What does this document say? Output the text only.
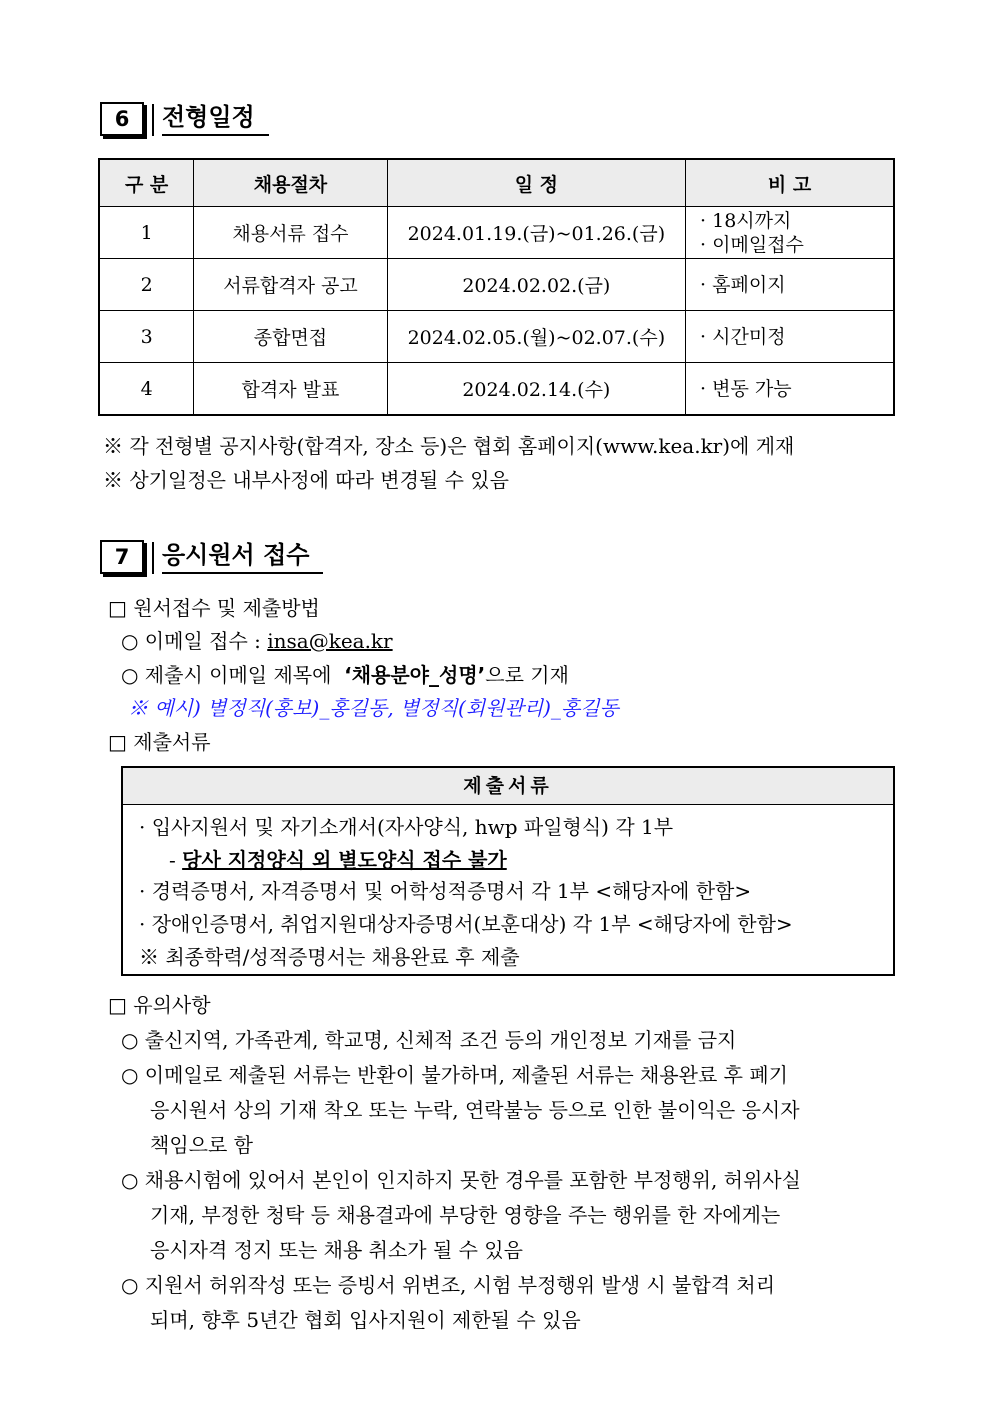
6	전형일정
구 분	채용절차	일 정	비 고
1	채용서류 접수	2024.01.19.(금)~01.26.(금)	· 18시까지
· 이메일접수

2	서류합격자 공고	2024.02.02.(금)	· 홈페이지

3	종합면접	2024.02.05.(월)~02.07.(수)	· 시간미정

4	합격자 발표	2024.02.14.(수)	· 변동 가능
※ 각 전형별 공지사항(합격자, 장소 등)은 협회 홈페이지(www.kea.kr)에 게재
※ 상기일정은 내부사정에 따라 변경될 수 있음
7	응시원서 접수
□ 원서접수 및 제출방법
○ 이메일 접수 : insa@kea.kr
○ 제출시 이메일 제목에  ‘채용분야_성명’으로 기재
※ 예시) 별정직(홍보)_홍길동, 별정직(회원관리)_홍길동
□ 제출서류
제출서류
· 입사지원서 및 자기소개서(자사양식, hwp 파일형식) 각 1부
- 당사 지정양식 외 별도양식 접수 불가
· 경력증명서, 자격증명서 및 어학성적증명서 각 1부 <해당자에 한함>
· 장애인증명서, 취업지원대상자증명서(보훈대상) 각 1부 <해당자에 한함>
※ 최종학력/성적증명서는 채용완료 후 제출
□ 유의사항
○ 출신지역, 가족관계, 학교명, 신체적 조건 등의 개인정보 기재를 금지
○ 이메일로 제출된 서류는 반환이 불가하며, 제출된 서류는 채용완료 후 폐기
응시원서 상의 기재 착오 또는 누락, 연락불능 등으로 인한 불이익은 응시자
책임으로 함
○ 채용시험에 있어서 본인이 인지하지 못한 경우를 포함한 부정행위, 허위사실
기재, 부정한 청탁 등 채용결과에 부당한 영향을 주는 행위를 한 자에게는
응시자격 정지 또는 채용 취소가 될 수 있음
○ 지원서 허위작성 또는 증빙서 위변조, 시험 부정행위 발생 시 불합격 처리
되며, 향후 5년간 협회 입사지원이 제한될 수 있음
